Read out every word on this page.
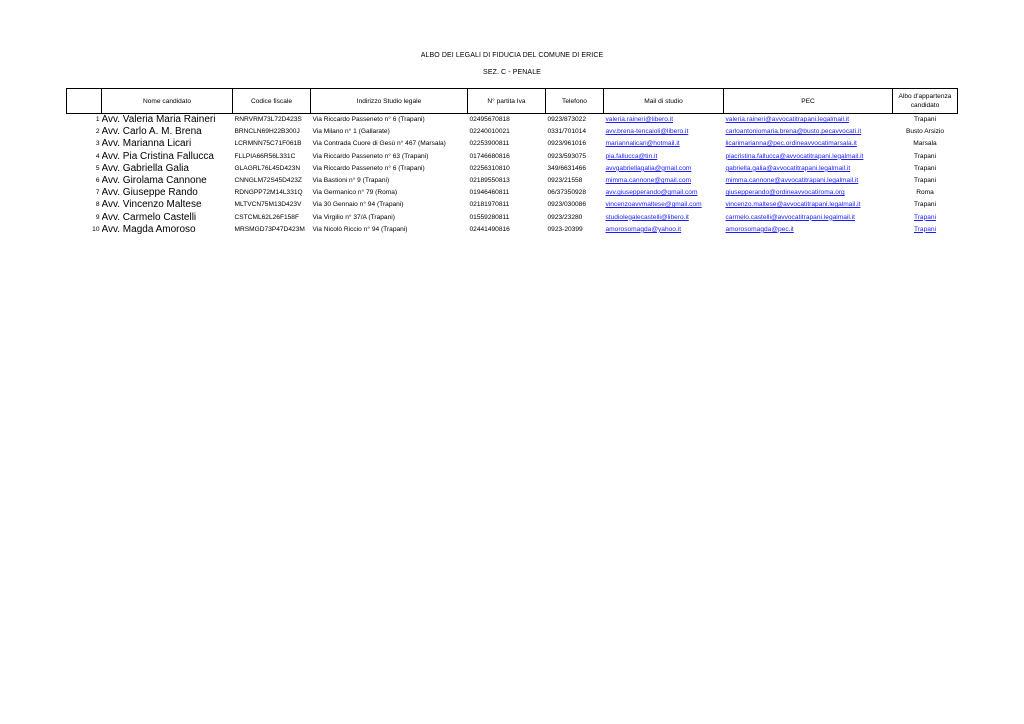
ALBO DEI LEGALI DI FIDUCIA DEL COMUNE DI ERICE
SEZ. C - PENALE
	Nome candidato	Codice fiscale	Indirizzo Studio legale	N° partita Iva	Telefono	Mail di studio	PEC	Albo d'appartenza candidato
1	Avv. Valeria Maria Raineri	RNRVRM73L72D423S	Via Riccardo Passeneto n° 6 (Trapani)	02495670818	0923/873022	valeria.raineri@libero.it	valeria.raineri@avvocatitrapani.legalmail.it	Trapani
2	Avv. Carlo A. M. Brena	BRNCLN69H22B300J	Via Milano n° 1 (Gallarate)	02240010021	0331/701014	avv.brena-tencaioli@libero.it	carloantoniomaria.brena@busto.pecavvocati.it	Busto Arsizio
3	Avv. Marianna Licari	LCRMNN75C71F061B	Via Contrada Cuore di Gesù n° 467 (Marsala)	02253900811	0923/961016	mariannalicari@hotmail.it	licarimarianna@pec.ordineavvocatimarsala.it	Marsala
4	Avv. Pia Cristina Fallucca	FLLPIA66R56L331C	Via Riccardo Passeneto n° 63 (Trapani)	01746680816	0923/593075	pia.fallucca@tin.it	piacristina.fallucca@avvocatitrapani.legalmail.it	Trapani
5	Avv. Gabriella Galia	GLAGRL76L45D423N	Via Riccardo Passeneto n° 6 (Trapani)	02256310810	349/6631466	avvgabriellagalia@gmail.com	gabriella.galia@avvocatitrapani.legalmail.it	Trapani
6	Avv. Girolama Cannone	CNNGLM72S45D423Z	Via Bastioni n° 9 (Trapani)	02189550813	0923/21558	mimma.cannone@gmail.com	mimma.cannone@avvocatitrapani.legalmail.it	Trapani
7	Avv. Giuseppe Rando	RDNGPP72M14L331Q	Via Germanico n° 79 (Roma)	01946460811	06/37350928	avv.giusepperando@gmail.com	giusepperando@ordineavvocatiroma.org	Roma
8	Avv. Vincenzo Maltese	MLTVCN75M13D423V	Via 30 Gennaio n° 94 (Trapani)	02181970811	0923/030086	vincenzoavvmaltese@gmail.com	vincenzo.maltese@avvocatitrapani.legalmail.it	Trapani
9	Avv. Carmelo Castelli	CSTCML62L26F158F	Via Virgilio n° 37/A (Trapani)	01559280811	0923/23280	studiolegalecastelli@libero.it	carmelo.castelli@avvocatitrapani.legalmail.it	Trapani
10	Avv. Magda Amoroso	MRSMGD73P47D423M	Via Nicolò Riccio n° 94 (Trapani)	02441490816	0923-20399	amorosomagda@yahoo.it	amorosomagda@pec.it	Trapani
